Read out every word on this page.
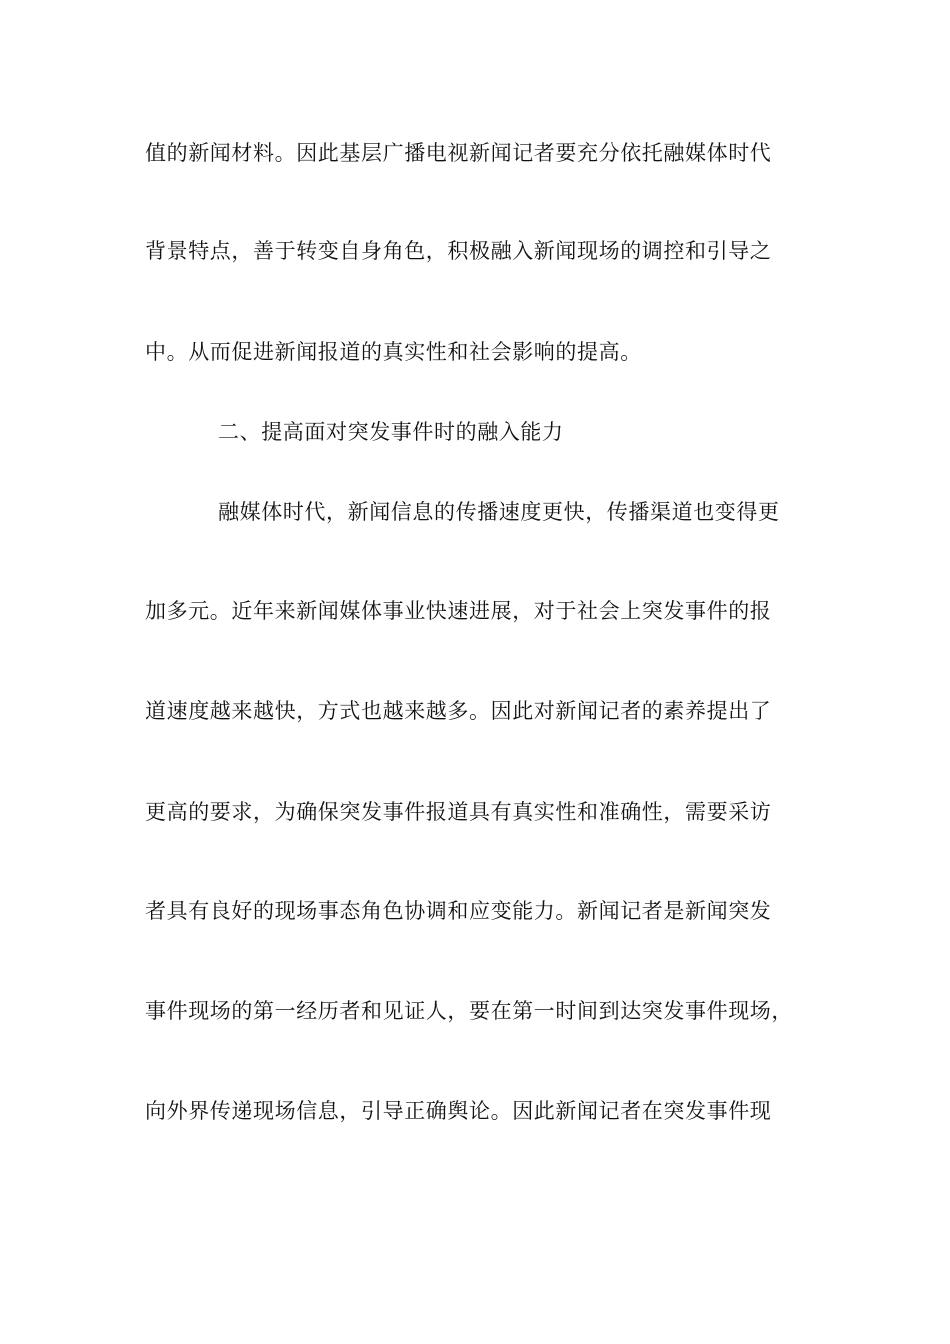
值的新闻材料。因此基层广播电视新闻记者要充分依托融媒体时代
背景特点，善于转变自身角色，积极融入新闻现场的调控和引导之
中。从而促进新闻报道的真实性和社会影响的提高。
二、提高面对突发事件时的融入能力
融媒体时代，新闻信息的传播速度更快，传播渠道也变得更
加多元。近年来新闻媒体事业快速进展，对于社会上突发事件的报
道速度越来越快，方式也越来越多。因此对新闻记者的素养提出了
更高的要求，为确保突发事件报道具有真实性和准确性，需要采访
者具有良好的现场事态角色协调和应变能力。新闻记者是新闻突发
事件现场的第一经历者和见证人，要在第一时间到达突发事件现场，
向外界传递现场信息，引导正确舆论。因此新闻记者在突发事件现
